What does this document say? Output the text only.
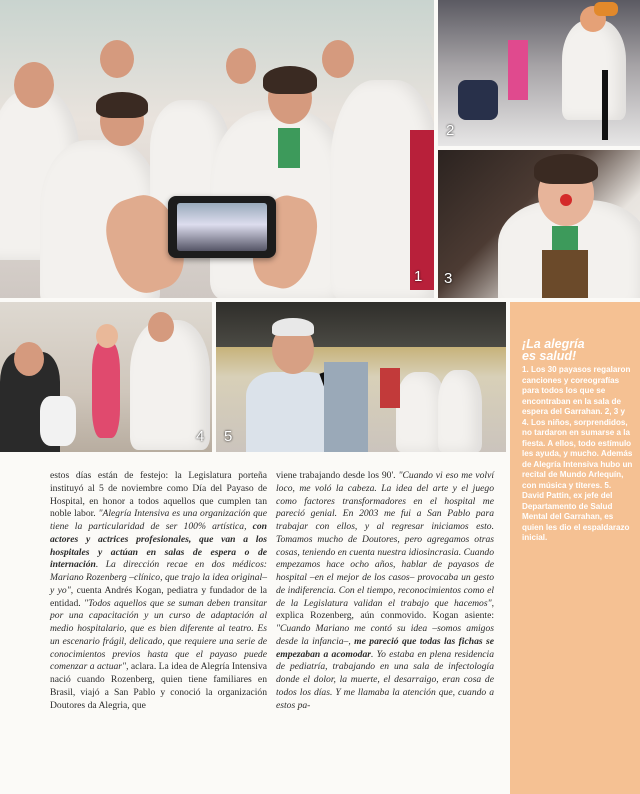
1
2
3
4 5
¡La alegría
es salud!

1. Los 30 payasos regalaron canciones y coreografías para todos los que se encontraban en la sala de espera del Garrahan. 2, 3 y 4. Los niños, sorprendidos, no tardaron en sumarse a la fiesta. A ellos, todo estímulo les ayuda, y mucho. Además de Alegría Intensiva hubo un recital de Mundo Arlequín, con música y títeres. 5. David Pattin, ex jefe del Departamento de Salud Mental del Garrahan, es quien les dio el espaldarazo inicial.

estos días están de festejo: la Legislatura porteña instituyó al 5 de noviembre como Día del Payaso de Hospital, en honor a todos aquellos que cumplen tan noble labor. "Alegría Intensiva es una organización que tiene la particularidad de ser 100% artística, con actores y actrices profesionales, que van a los hospitales y actúan en salas de espera o de internación. La dirección recae en dos médicos: Mariano Rozenberg –clínico, que trajo la idea original– y yo", cuenta Andrés Kogan, pediatra y fundador de la entidad. "Todos aquellos que se suman deben transitar por una capacitación y un curso de adaptación al medio hospitalario, que es bien diferente al teatro. Es un escenario frágil, delicado, que requiere una serie de conocimientos previos hasta que el payaso puede comenzar a actuar", aclara. La idea de Alegría Intensiva nació cuando Rozenberg, quien tiene familiares en Brasil, viajó a San Pablo y conoció la organización Doutores da Alegria, que
viene trabajando desde los 90'. "Cuando vi eso me volví loco, me voló la cabeza. La idea del arte y el juego como factores transformadores en el hospital me pareció genial. En 2003 me fui a San Pablo para trabajar con ellos, y al regresar iniciamos esto. Tomamos mucho de Doutores, pero agregamos otras cosas, teniendo en cuenta nuestra idiosincrasia. Cuando empezamos hace ocho años, hablar de payasos de hospital –en el mejor de los casos– provocaba un gesto de indiferencia. Con el tiempo, reconocimientos como el de la Legislatura validan el trabajo que hacemos", explica Rozenberg, aún conmovido. Kogan asiente: "Cuando Mariano me contó su idea –somos amigos desde la infancia–, me pareció que todas las fichas se empezaban a acomodar. Yo estaba en plena residencia de pediatría, trabajando en una sala de infectología donde el dolor, la muerte, el desarraigo, eran cosa de todos los días. Y me llamaba la atención que, cuando a estos pa-
